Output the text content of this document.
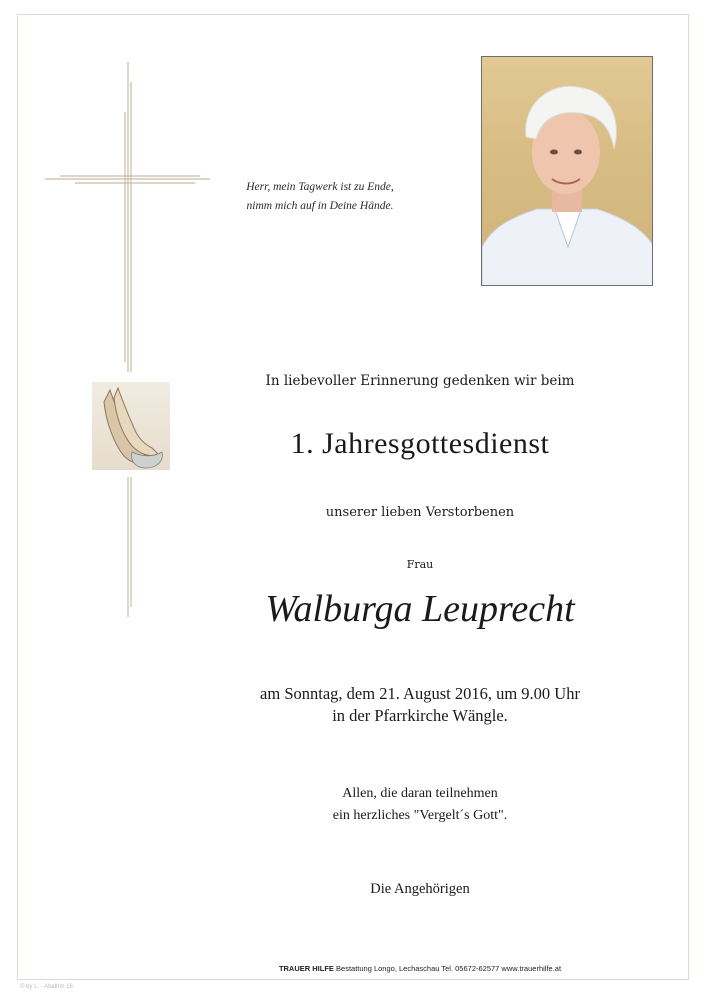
Herr, mein Tagwerk ist zu Ende,
nimm mich auf in Deine Hände.
In liebevoller Erinnerung gedenken wir beim
1. Jahresgottesdienst
unserer lieben Verstorbenen
Frau
Walburga Leuprecht
am Sonntag, dem 21. August 2016, um 9.00 Uhr
in der Pfarrkirche Wängle.
Allen, die daran teilnehmen
ein herzliches "Vergelt´s Gott".
Die Angehörigen
TRAUER HILFE Bestattung Longo, Lechaschau Tel. 05672-62577 www.trauerhilfe.at
© by L. - Abalhm 16
